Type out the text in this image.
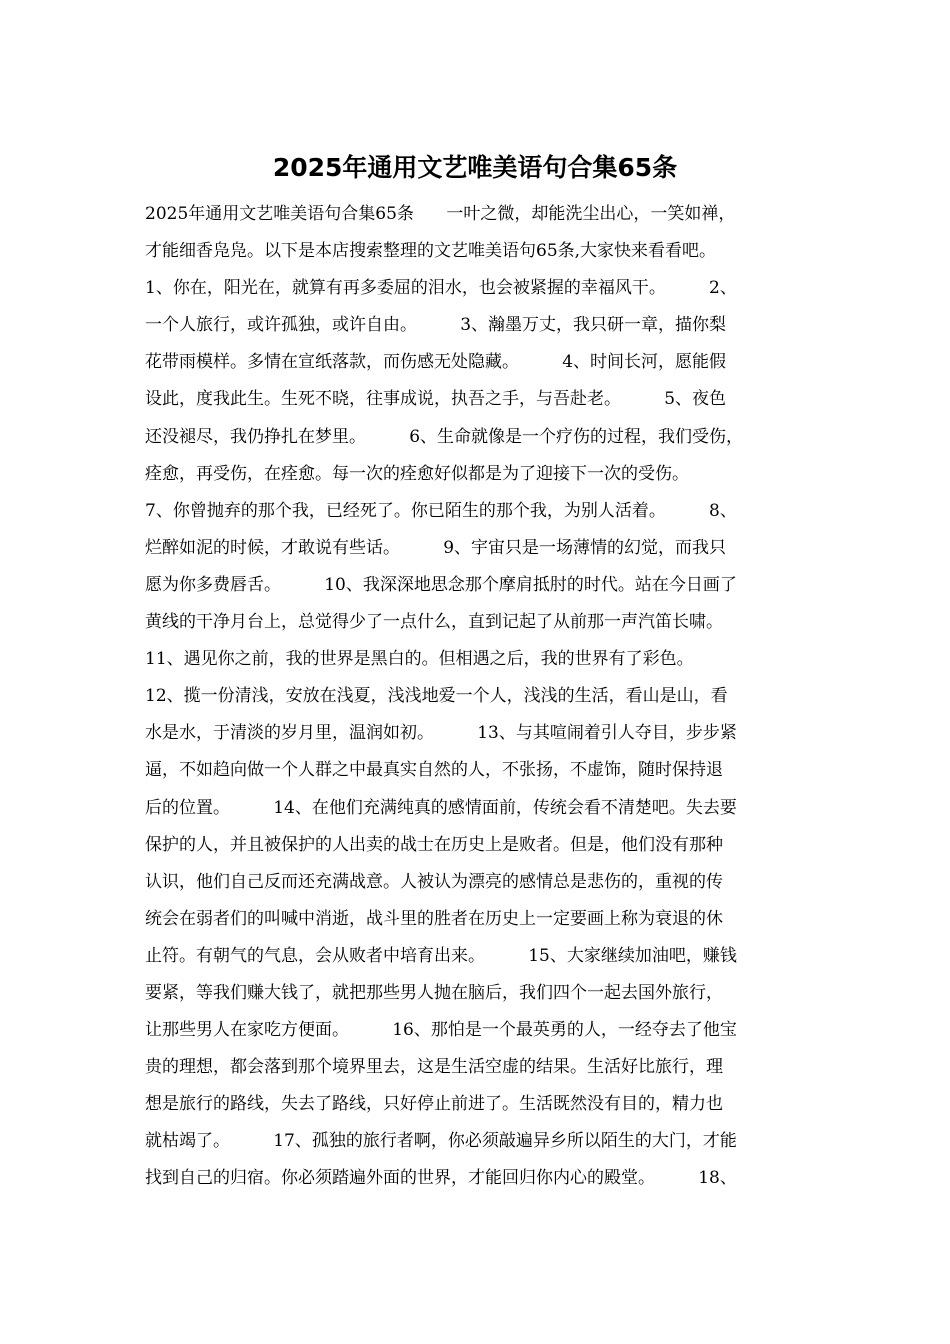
2025年通用文艺唯美语句合集65条
2025年通用文艺唯美语句合集65条      一叶之微，却能洗尘出心，一笑如禅，
才能细香凫凫。以下是本店搜索整理的文艺唯美语句65条,大家快来看看吧。
1、你在，阳光在，就算有再多委屈的泪水，也会被紧握的幸福风干。        2、
一个人旅行，或许孤独，或许自由。        3、瀚墨万丈，我只研一章，描你梨
花带雨模样。多情在宣纸落款，而伤感无处隐藏。        4、时间长河，愿能假
设此，度我此生。生死不晓，往事成说，执吾之手，与吾赴老。        5、夜色
还没褪尽，我仍挣扎在梦里。        6、生命就像是一个疗伤的过程，我们受伤，
痊愈，再受伤，在痊愈。每一次的痊愈好似都是为了迎接下一次的受伤。
7、你曾抛弃的那个我，已经死了。你已陌生的那个我，为别人活着。        8、
烂醉如泥的时候，才敢说有些话。        9、宇宙只是一场薄情的幻觉，而我只
愿为你多费唇舌。        10、我深深地思念那个摩肩抵肘的时代。站在今日画了
黄线的干净月台上，总觉得少了一点什么，直到记起了从前那一声汽笛长啸。
11、遇见你之前，我的世界是黑白的。但相遇之后，我的世界有了彩色。
12、揽一份清浅，安放在浅夏，浅浅地爱一个人，浅浅的生活，看山是山，看
水是水，于清淡的岁月里，温润如初。        13、与其喧闹着引人夺目，步步紧
逼，不如趋向做一个人群之中最真实自然的人，不张扬，不虚饰，随时保持退
后的位置。        14、在他们充满纯真的感情面前，传统会看不清楚吧。失去要
保护的人，并且被保护的人出卖的战士在历史上是败者。但是，他们没有那种
认识，他们自己反而还充满战意。人被认为漂亮的感情总是悲伤的，重视的传
统会在弱者们的叫喊中消逝，战斗里的胜者在历史上一定要画上称为衰退的休
止符。有朝气的气息，会从败者中培育出来。        15、大家继续加油吧，赚钱
要紧，等我们赚大钱了，就把那些男人抛在脑后，我们四个一起去国外旅行，
让那些男人在家吃方便面。        16、那怕是一个最英勇的人，一经夺去了他宝
贵的理想，都会落到那个境界里去，这是生活空虚的结果。生活好比旅行，理
想是旅行的路线，失去了路线，只好停止前进了。生活既然没有目的，精力也
就枯竭了。        17、孤独的旅行者啊，你必须敲遍异乡所以陌生的大门，才能
找到自己的归宿。你必须踏遍外面的世界，才能回归你内心的殿堂。        18、
